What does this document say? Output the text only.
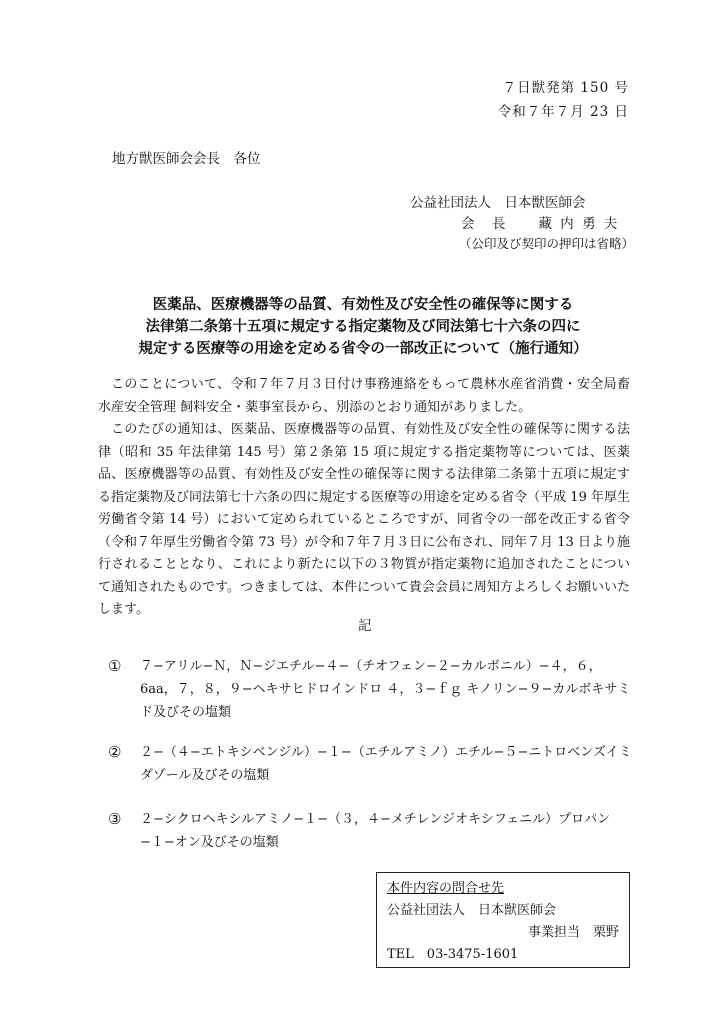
７日獣発第 150 号
令和７年７月 23 日
地方獣医師会会長　各位
公益社団法人　日本獣医師会
会　長　　藏 内 勇 夫
（公印及び契印の押印は省略）
医薬品、医療機器等の品質、有効性及び安全性の確保等に関する
法律第二条第十五項に規定する指定薬物及び同法第七十六条の四に
規定する医療等の用途を定める省令の一部改正について（施行通知）

このことについて、令和７年７月３日付け事務連絡をもって農林水産省消費・安全局畜水産安全管理 飼料安全・薬事室長から、別添のとおり通知がありました。

このたびの通知は、医薬品、医療機器等の品質、有効性及び安全性の確保等に関する法律（昭和 35 年法律第 145 号）第２条第 15 項に規定する指定薬物等については、医薬品、医療機器等の品質、有効性及び安全性の確保等に関する法律第二条第十五項に規定する指定薬物及び同法第七十六条の四に規定する医療等の用途を定める省令（平成 19 年厚生労働省令第 14 号）において定められているところですが、同省令の一部を改正する省令（令和７年厚生労働省令第 73 号）が令和７年７月３日に公布され、同年７月 13 日より施行されることとなり、これにより新たに以下の３物質が指定薬物に追加されたことについて通知されたものです。つきましては、本件について貴会会員に周知方よろしくお願いいたします。

記
① ７−アリル−Ｎ，Ｎ−ジエチル−４−（チオフェン−２−カルボニル）−４，６，6aa，７，８，９−ヘキサヒドロインドロ ４，３−ｆｇ キノリン−９−カルボキサミド及びその塩類
② ２−（４−エトキシベンジル）−１−（エチルアミノ）エチル−５−ニトロベンズイミダゾール及びその塩類
③ ２−シクロヘキシルアミノ−１−（３，４−メチレンジオキシフェニル）プロパン−１−オン及びその塩類
本件内容の問合せ先
公益社団法人　日本獣医師会
事業担当　栗野
TEL　03-3475-1601
